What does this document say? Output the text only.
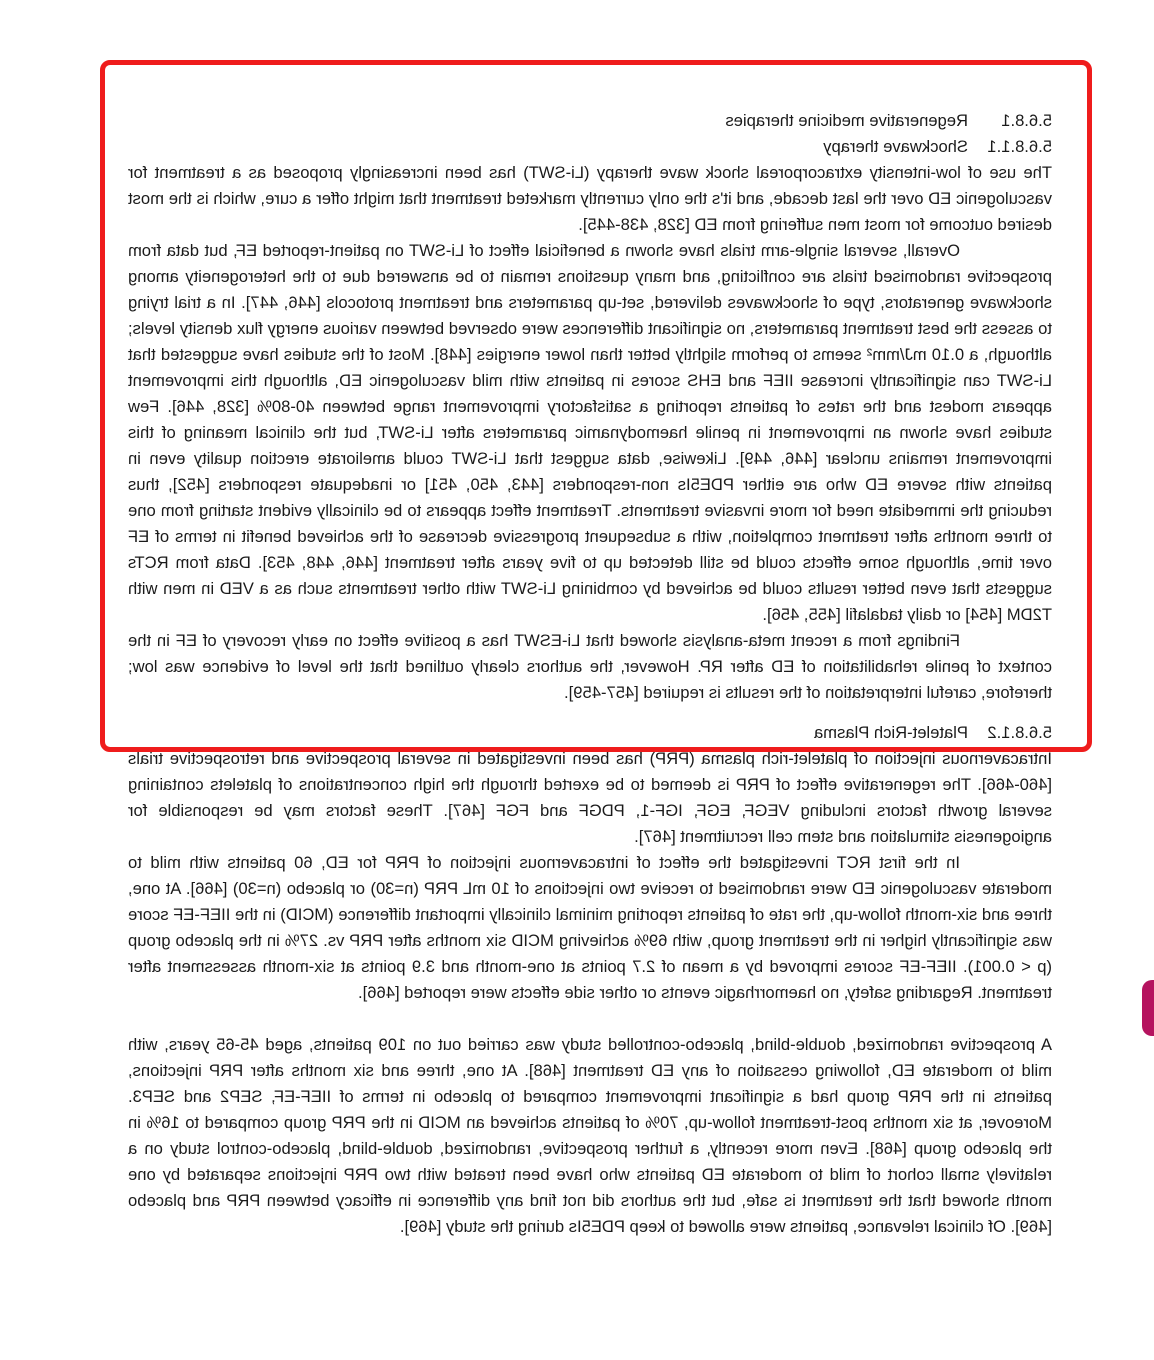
5.6.8.1
Regenerative medicine therapies
5.6.8.1.1
Shockwave therapy

The use of low-intensity extracorporeal shock wave therapy (Li-SWT) has been increasingly proposed as a treatment for vasculogenic ED over the last decade, and it's the only currently marketed treatment that might offer a cure, which is the most desired outcome for most men suffering from ED [328, 438-445].

Overall, several single-arm trials have shown a beneficial effect of Li-SWT on patient-reported EF, but data from prospective randomised trials are conflicting, and many questions remain to be answered due to the heterogeneity among shockwave generators, type of shockwaves delivered, set-up parameters and treatment protocols [446, 447]. In a trial trying to assess the best treatment parameters, no significant differences were observed between various energy flux density levels; although, a 0.10 mJ/mm² seems to perform slightly better than lower energies [448]. Most of the studies have suggested that Li-SWT can significantly increase IIEF and EHS scores in patients with mild vasculogenic ED, although this improvement appears modest and the rates of patients reporting a satisfactory improvement range between 40-80% [328, 446]. Few studies have shown an improvement in penile haemodynamic parameters after Li-SWT, but the clinical meaning of this improvement remains unclear [446, 449]. Likewise, data suggest that Li-SWT could ameliorate erection quality even in patients with severe ED who are either PDE5Is non-responders [443, 450, 451] or inadequate responders [452], thus reducing the immediate need for more invasive treatments. Treatment effect appears to be clinically evident starting from one to three months after treatment completion, with a subsequent progressive decrease of the achieved benefit in terms of EF over time, although some effects could be still detected up to five years after treatment [446, 448, 453]. Data from RCTs suggests that even better results could be achieved by combining Li-SWT with other treatments such as a VED in men with T2DM [454] or daily tadalafil [455, 456].

Findings from a recent meta-analysis showed that Li-ESWT has a positive effect on early recovery of EF in the context of penile rehabilitation of ED after RP. However, the authors clearly outlined that the level of evidence was low; therefore, careful interpretation of the results is required [457-459].

5.6.8.1.2
Platelet-Rich Plasma

Intracavernous injection of platelet-rich plasma (PRP) has been investigated in several prospective and retrospective trials [460-466]. The regenerative effect of PRP is deemed to be exerted through the high concentrations of platelets containing several growth factors including VEGF, EGF, IGF-1, PDGF and FGF [467]. These factors may be responsible for angiogenesis stimulation and stem cell recruitment [467].

In the first RCT investigated the effect of intracavernous injection of PRP for ED, 60 patients with mild to moderate vasculogenic ED were randomised to receive two injections of 10 mL PRP (n=30) or placebo (n=30) [466]. At one, three and six-month follow-up, the rate of patients reporting minimal clinically important difference (MCID) in the IIEF-EF score was significantly higher in the treatment group, with 69% achieving MCID six months after PRP vs. 27% in the placebo group (p < 0.001). IIEF-EF scores improved by a mean of 2.7 points at one-month and 3.9 points at six-month assessment after treatment. Regarding safety, no haemorrhagic events or other side effects were reported [466].

A prospective randomized, double-blind, placebo-controlled study was carried out on 109 patients, aged 45-65 years, with mild to moderate ED, following cessation of any ED treatment [468]. At one, three and six months after PRP injections, patients in the PRP group had a significant improvement compared to placebo in terms of IIEF-EF, SEP2 and SEP3. Moreover, at six months post-treatment follow-up, 70% of patients achieved an MCID in the PRP group compared to 16% in the placebo group [468]. Even more recently, a further prospective, randomized, double-blind, placebo-control study on a relatively small cohort of mild to moderate ED patients who have been treated with two PRP injections separated by one month showed that the treatment is safe, but the authors did not find any difference in efficacy between PRP and placebo [469]. Of clinical relevance, patients were allowed to keep PDE5Is during the study [469].
